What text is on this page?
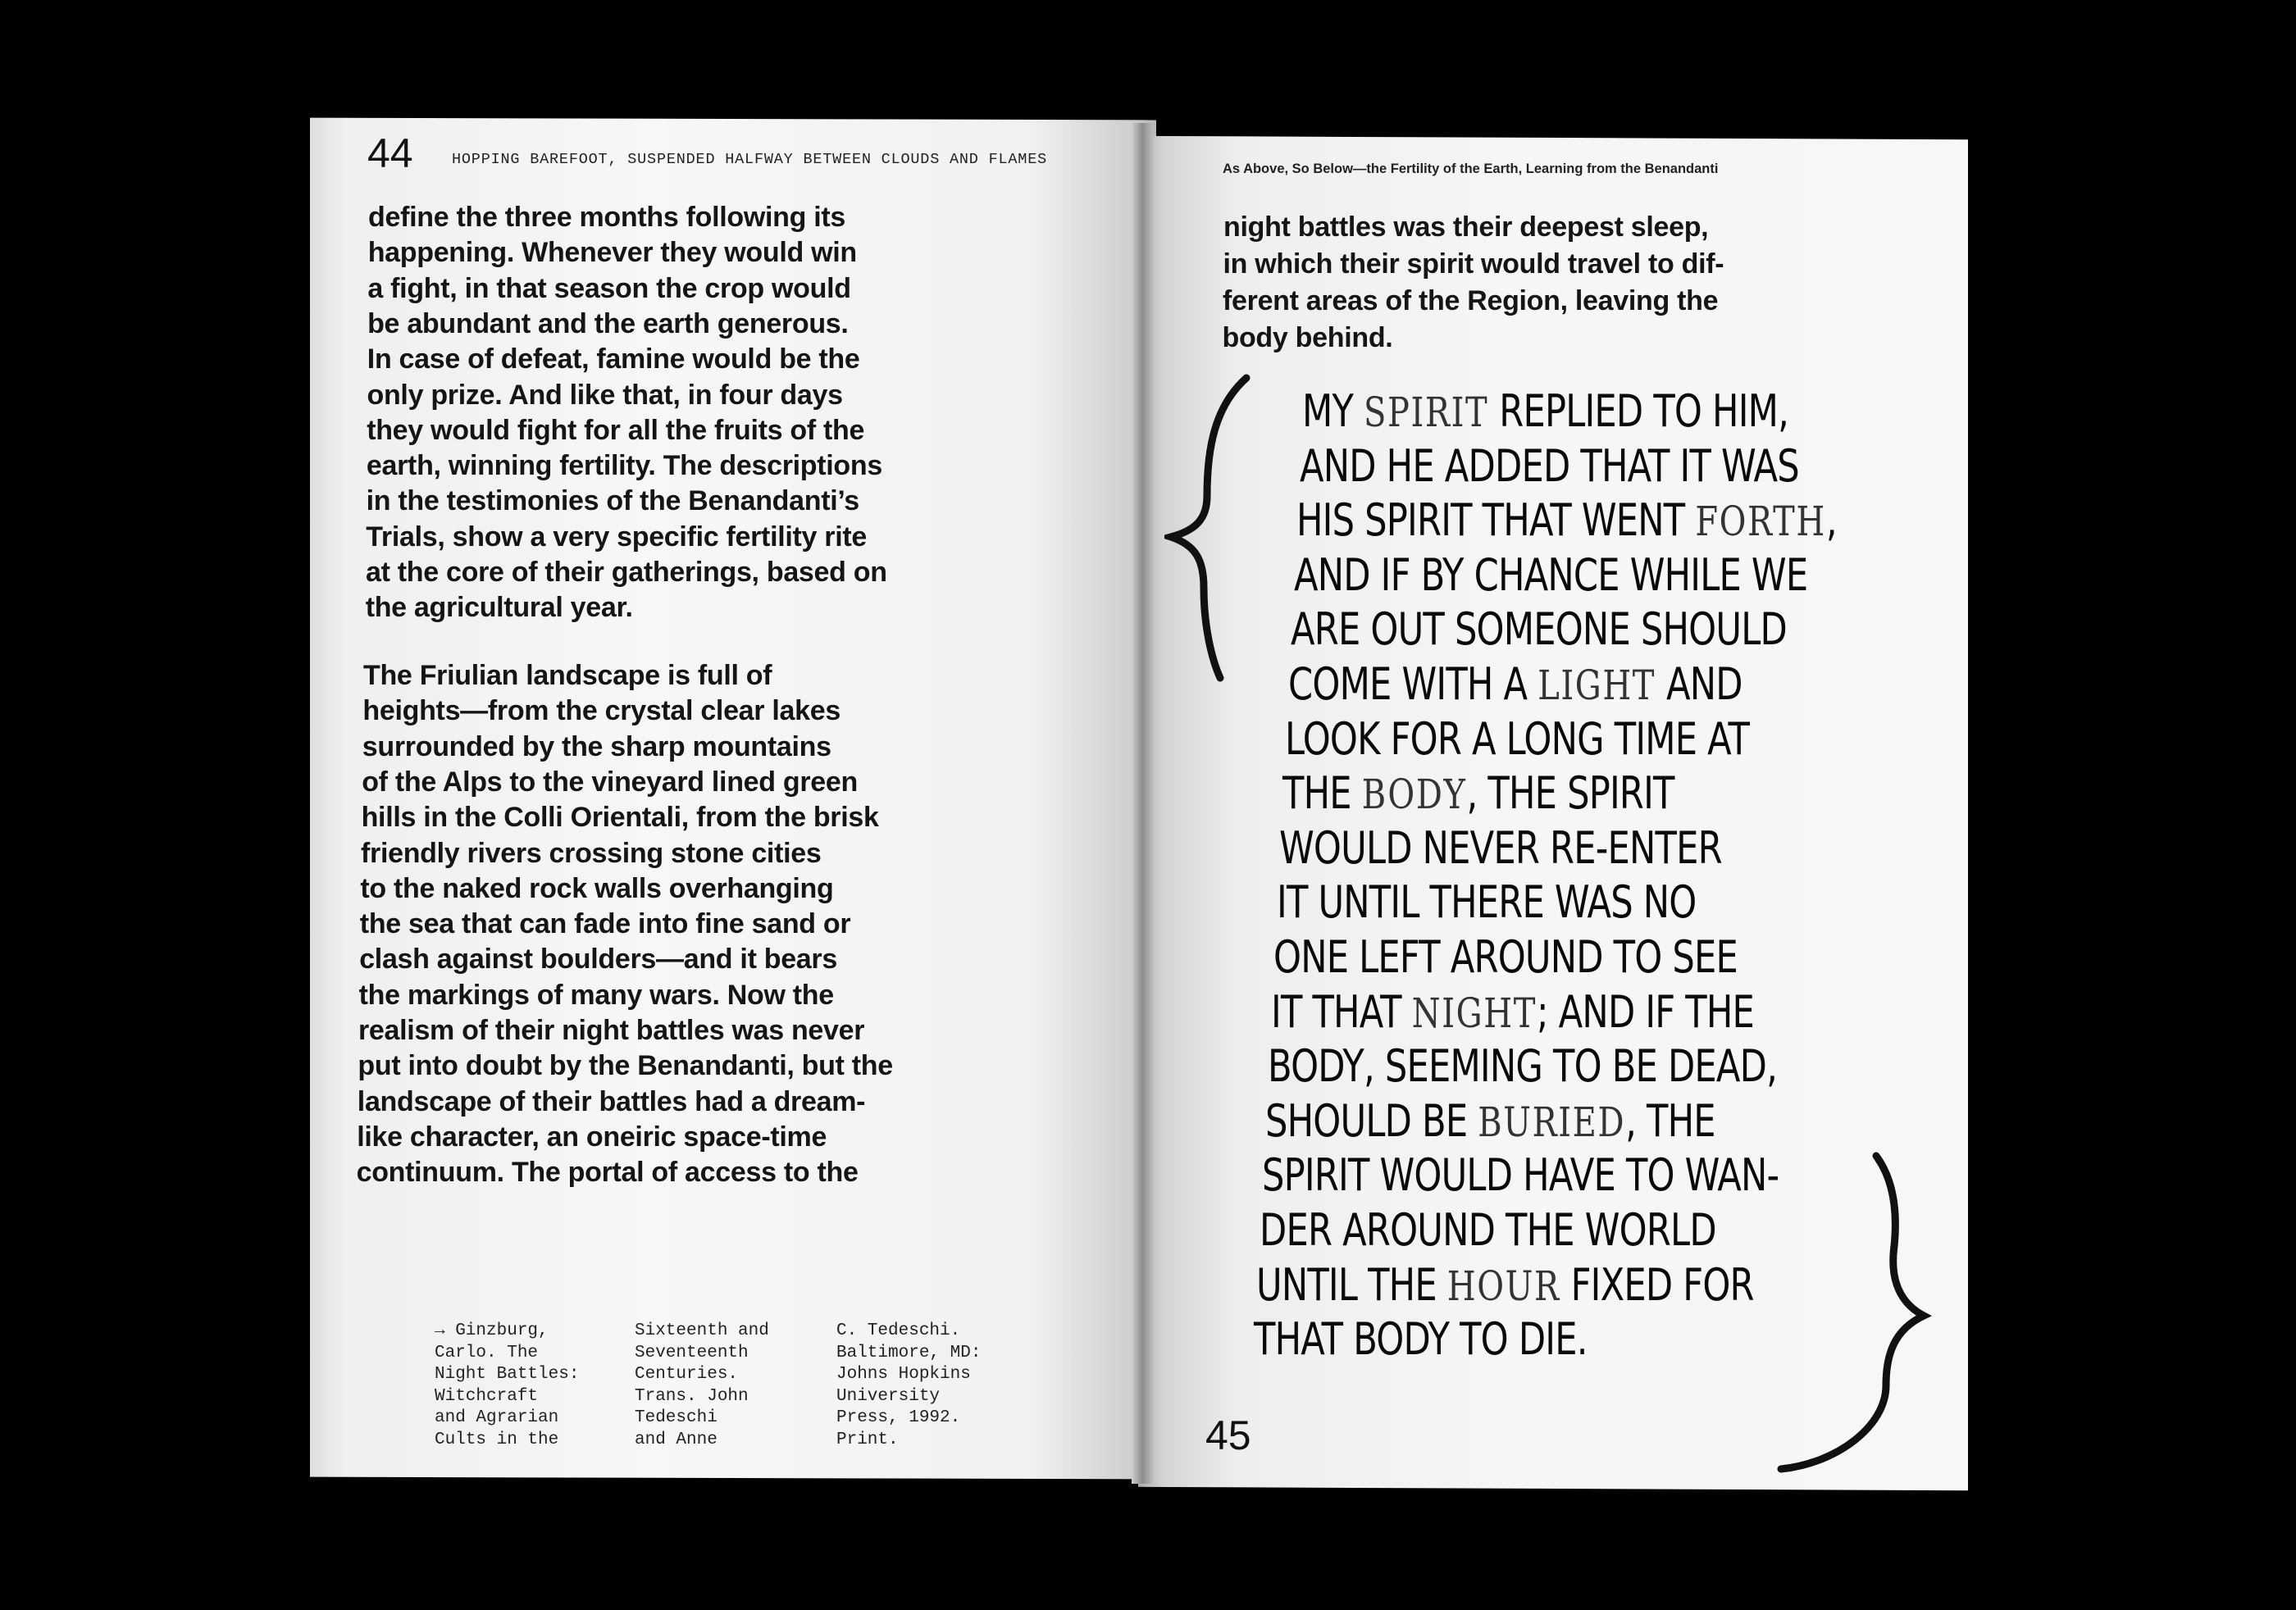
44	HOPPING BAREFOOT, SUSPENDED HALFWAY BETWEEN CLOUDS AND FLAMES
define the three months following its
happening. Whenever they would win
a fight, in that season the crop would
be abundant and the earth generous.
In case of defeat, famine would be the
only prize. And like that, in four days
they would fight for all the fruits of the
earth, winning fertility. The descriptions
in the testimonies of the Benandanti’s
Trials, show a very specific fertility rite
at the core of their gatherings, based on
the agricultural year.
The Friulian landscape is full of
heights—from the crystal clear lakes
surrounded by the sharp mountains
of the Alps to the vineyard lined green
hills in the Colli Orientali, from the brisk
friendly rivers crossing stone cities
to the naked rock walls overhanging
the sea that can fade into fine sand or
clash against boulders—and it bears
the markings of many wars. Now the
realism of their night battles was never
put into doubt by the Benandanti, but the
landscape of their battles had a dream-
like character, an oneiric space-time
continuum. The portal of access to the
→ Ginzburg,
Carlo. The
Night Battles:
Witchcraft
and Agrarian
Cults in the
Sixteenth and
Seventeenth
Centuries.
Trans. John
Tedeschi
and Anne
C. Tedeschi.
Baltimore, MD:
Johns Hopkins
University
Press, 1992.
Print.
As Above, So Below—the Fertility of the Earth, Learning from the Benandanti
night battles was their deepest sleep,
in which their spirit would travel to dif-
ferent areas of the Region, leaving the
body behind.
MY SPIRIT REPLIED TO HIM,
AND HE ADDED THAT IT WAS
HIS SPIRIT THAT WENT FORTH,
AND IF BY CHANCE WHILE WE
ARE OUT SOMEONE SHOULD
COME WITH A LIGHT AND
LOOK FOR A LONG TIME AT
THE BODY, THE SPIRIT
WOULD NEVER RE-ENTER
IT UNTIL THERE WAS NO
ONE LEFT AROUND TO SEE
IT THAT NIGHT; AND IF THE
BODY, SEEMING TO BE DEAD,
SHOULD BE BURIED, THE
SPIRIT WOULD HAVE TO WAN-
DER AROUND THE WORLD
UNTIL THE HOUR FIXED FOR
THAT BODY TO DIE.
45
